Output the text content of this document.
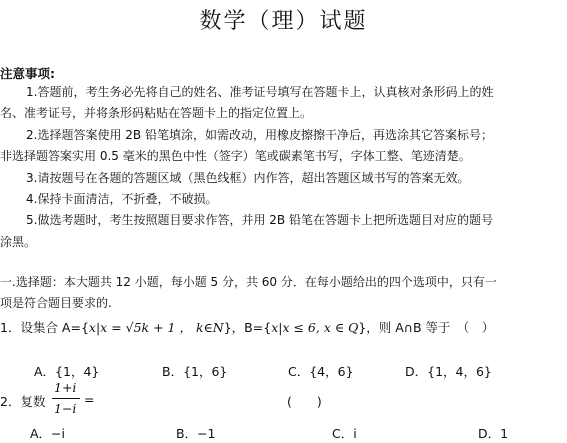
数学（理）试题
注意事项:
1.答题前，考生务必先将自己的姓名、准考证号填写在答题卡上，认真核对条形码上的姓
名、准考证号，并将条形码粘贴在答题卡上的指定位置上。
2.选择题答案使用 2B 铅笔填涂，如需改动，用橡皮擦擦干净后，再选涂其它答案标号；
非选择题答案实用 0.5 毫米的黑色中性（签字）笔或碳素笔书写，字体工整、笔迹清楚。
3.请按题号在各题的答题区域（黑色线框）内作答，超出答题区域书写的答案无效。
4.保持卡面清洁，不折叠，不破损。
5.做选考题时，考生按照题目要求作答，并用 2B 铅笔在答题卡上把所选题目对应的题号
涂黑。
一.选择题：本大题共 12 小题，每小题 5 分，共 60 分．在每小题给出的四个选项中，只有一
项是符合题目要求的.
1．设集合 A={x|x = √5k + 1 ， k∈N}，B={x|x ≤ 6, x ∈ Q}，则 A∩B 等于　（　）
A．{1，4}	B．{1，6}	C．{4，6}	D．{1，4，6}
2．复数
1+i
1−i
=	(　　)
A．−i	B．−1	C．i	D．1
